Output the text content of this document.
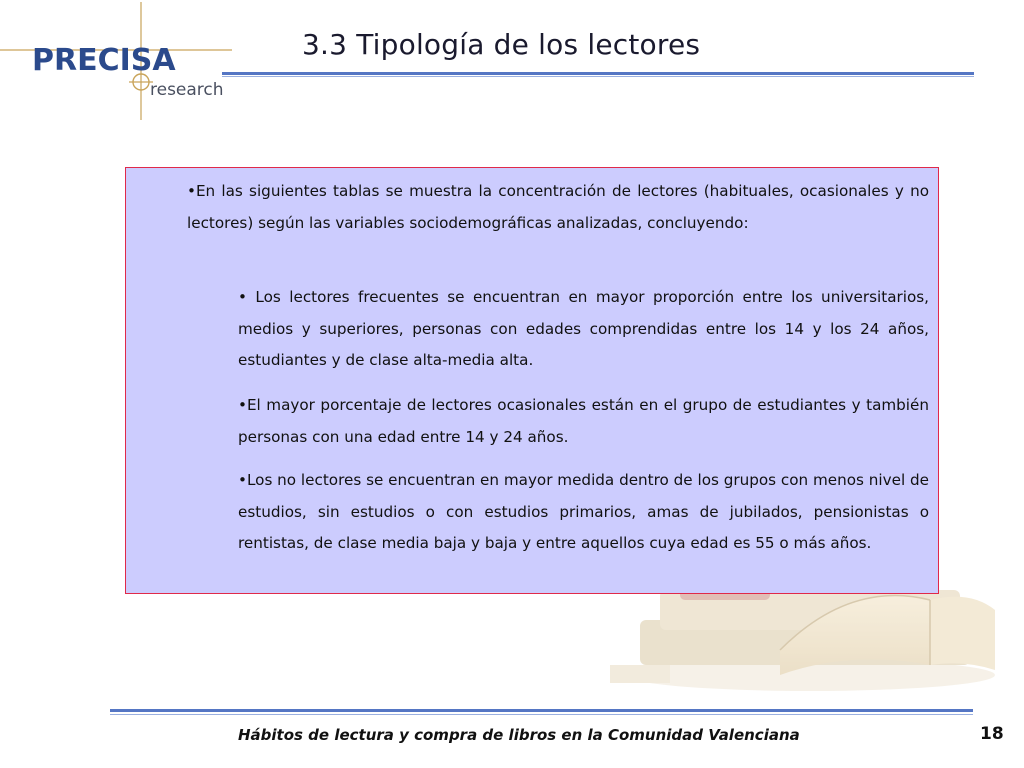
PRECISA
research
3.3 Tipología de los lectores
•En las siguientes tablas se muestra la concentración de lectores (habituales, ocasionales y no lectores) según las variables sociodemográficas analizadas, concluyendo:
• Los lectores frecuentes se encuentran en mayor proporción entre los universitarios, medios y superiores, personas con edades comprendidas entre los 14 y los 24 años, estudiantes y de clase alta-media alta.
•El mayor porcentaje de lectores ocasionales están en el grupo de estudiantes y también personas con una edad entre 14 y 24 años.
•Los no lectores se encuentran en mayor medida dentro de los grupos con menos nivel de estudios, sin estudios o con estudios primarios, amas de jubilados, pensionistas o rentistas, de clase media baja y baja y entre aquellos cuya edad es 55 o más años.
Hábitos de lectura y compra de libros en la Comunidad Valenciana	18
